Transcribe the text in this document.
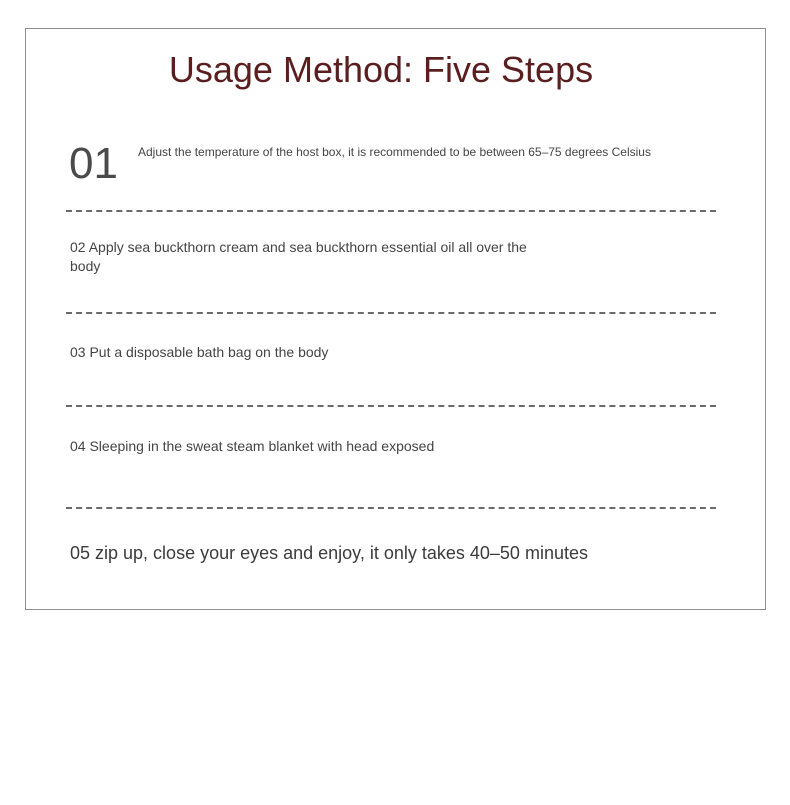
Usage Method: Five Steps
01 Adjust the temperature of the host box, it is recommended to be between 65–75 degrees Celsius
02 Apply sea buckthorn cream and sea buckthorn essential oil all over the body
03 Put a disposable bath bag on the body
04 Sleeping in the sweat steam blanket with head exposed
05 zip up, close your eyes and enjoy, it only takes 40–50 minutes
